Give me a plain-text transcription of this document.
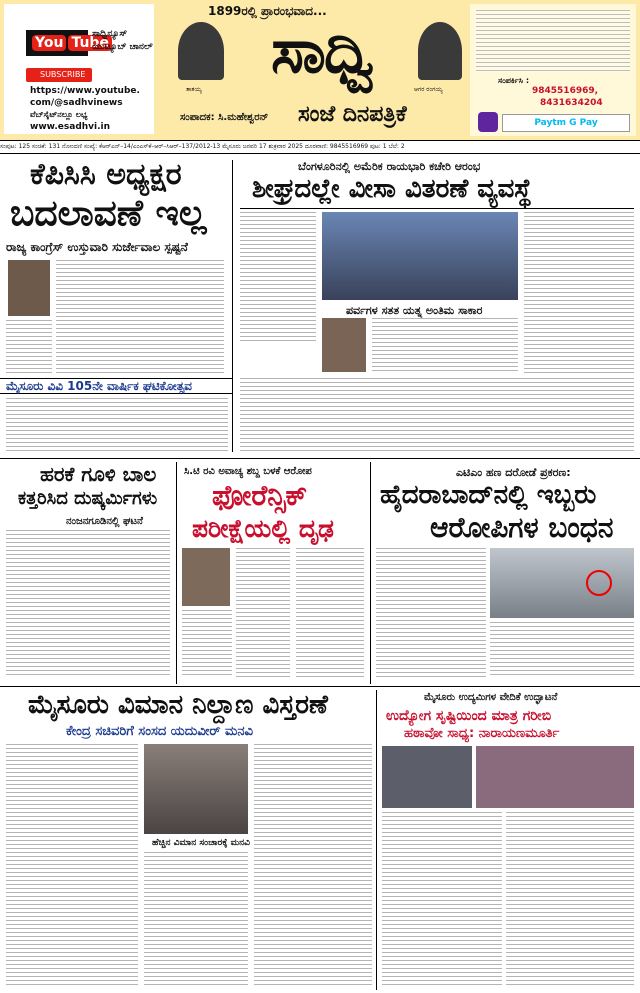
You Tube
ಸಾಧ್ವಿನ್ಯೂಸ್ ಯುಟ್ಯೂಬ್ ಚಾನಲ್
SUBSCRIBE
https://www.youtube.
com/@sadhvinews
ವೆಬ್‌ಸೈಟ್‌ನಲ್ಲೂ ಲಭ್ಯ
www.esadhvi.in
1899ರಲ್ಲಿ ಪ್ರಾರಂಭವಾದ...
ತಾತಯ್ಯ
ಸಾಧ್ವಿ
ಆಗರ ರಂಗಯ್ಯ
ಸಂಪಾದಕ: ಸಿ.ಮಹೇಶ್ವರನ್ ಸಂಜೆ ದಿನಪತ್ರಿಕೆ
ಸಂಪರ್ಕಿಸಿ :
9845516969,
8431634204
Paytm G Pay
ಸಂಪುಟ: 125 ಸಂಚಿಕೆ: 131 ನೋಂದಣಿ ಸಂಖ್ಯೆ: ಕೆಆರ್‌ಎನ್–14/ಎಂಎಸ್‌ಕೆ–ಆರ್–ಸಿಆರ್–137/2012-13 ಮೈಸೂರು ಜನವರಿ 17 ಶುಕ್ರವಾರ 2025 ದೂರವಾಣಿ: 9845516969 ಪುಟ: 1 ಬೆಲೆ: 2
ಕೆಪಿಸಿಸಿ ಅಧ್ಯಕ್ಷರ
ಬದಲಾವಣೆ ಇಲ್ಲ
ರಾಜ್ಯ ಕಾಂಗ್ರೆಸ್ ಉಸ್ತುವಾರಿ ಸುರ್ಜೇವಾಲ ಸ್ಪಷ್ಟನೆ
ಬೆಂಗಳೂರಿನಲ್ಲಿ ಅಮೆರಿಕ ರಾಯಭಾರಿ ಕಚೇರಿ ಆರಂಭ
ಶೀಘ್ರದಲ್ಲೇ ವೀಸಾ ವಿತರಣೆ ವ್ಯವಸ್ಥೆ
ಪರ್ವಗಳ ಸತತ ಯತ್ನ ಅಂತಿಮ ಸಾಕಾರ
ಮೈಸೂರು ವಿವಿ 105ನೇ ವಾರ್ಷಿಕ ಘಟಿಕೋತ್ಸವ
ಹರಕೆ ಗೂಳಿ ಬಾಲ
ಕತ್ತರಿಸಿದ ದುಷ್ಕರ್ಮಿಗಳು
ನಂಜನಗೂಡಿನಲ್ಲಿ ಘಟನೆ
ಸಿ.ಟಿ ರವಿ ಅವಾಚ್ಯ ಶಬ್ದ ಬಳಕೆ ಆರೋಪ
ಫೋರೆನ್ಸಿಕ್
ಪರೀಕ್ಷೆಯಲ್ಲಿ ದೃಢ
ಎಟಿಎಂ ಹಣ ದರೋಡೆ ಪ್ರಕರಣ:
ಹೈದರಾಬಾದ್‌ನಲ್ಲಿ ಇಬ್ಬರು
ಆರೋಪಿಗಳ ಬಂಧನ
ಮೈಸೂರು ವಿಮಾನ ನಿಲ್ದಾಣ ವಿಸ್ತರಣೆ
ಕೇಂದ್ರ ಸಚಿವರಿಗೆ ಸಂಸದ ಯದುವೀರ್ ಮನವಿ
ಹೆಚ್ಚಿನ ವಿಮಾನ ಸಂಚಾರಕ್ಕೆ ಮನವಿ
ಮೈಸೂರು ಉದ್ಯಮಿಗಳ ವೇದಿಕೆ ಉದ್ಘಾಟನೆ
ಉದ್ಯೋಗ ಸೃಷ್ಟಿಯಿಂದ ಮಾತ್ರ ಗರೀಬಿ
ಹಠಾವೋ ಸಾಧ್ಯ: ನಾರಾಯಣಮೂರ್ತಿ
